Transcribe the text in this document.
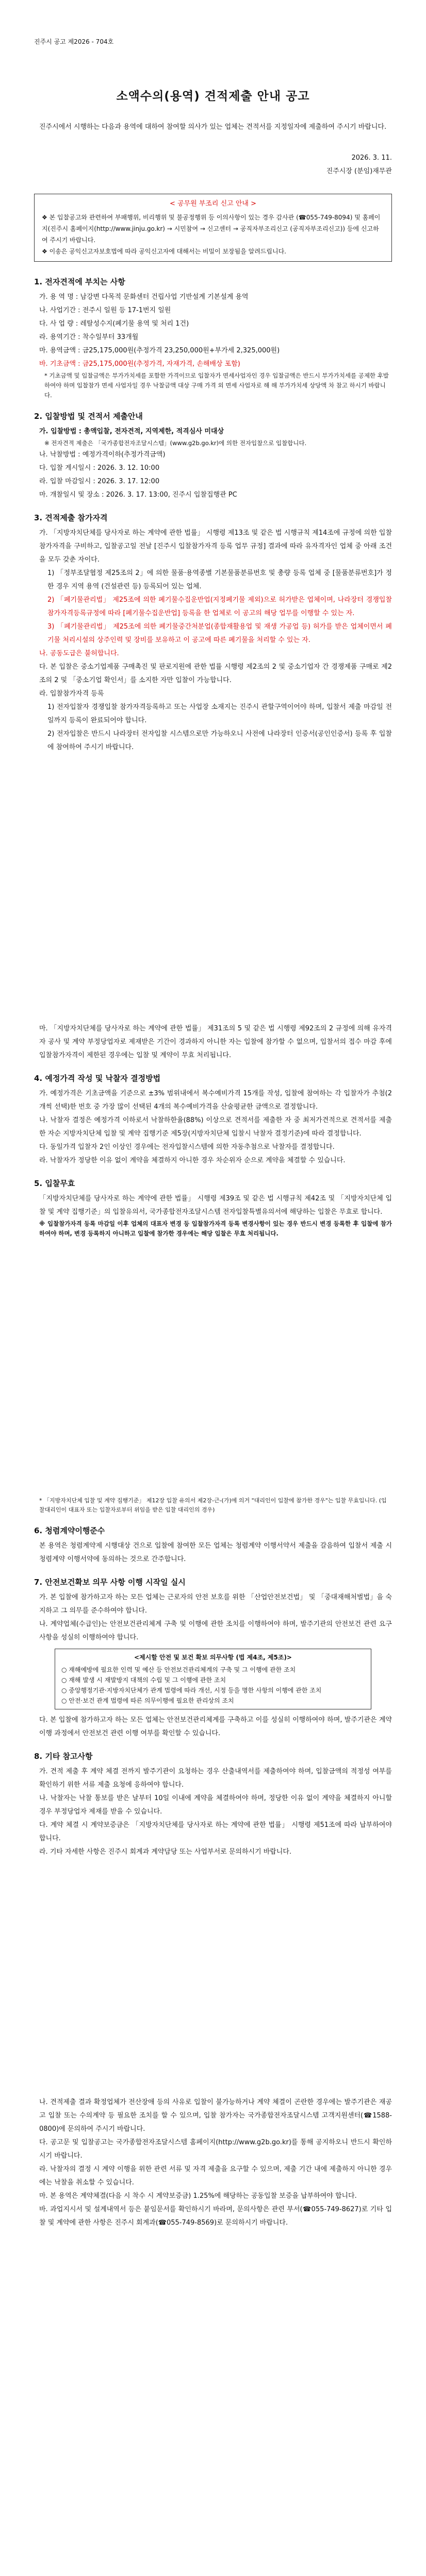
진주시 공고 제2026 - 704호
소액수의(용역) 견적제출 안내 공고
진주시에서 시행하는 다음과 용역에 대하여 참여할 의사가 있는 업체는 견적서를 지정일자에 제출하여 주시기 바랍니다.
2026. 3. 11.
진주시장 (분임)재무관
< 공무원 부조리 신고 안내 >
❖ 본 입찰공고와 관련하여 부패행위, 비리행위 및 불공정행위 등 이의사항이 있는 경우 감사관 (☎055-749-8094) 및 홈페이지(진주시 홈페이지(http://www.jinju.go.kr) → 시민참여 → 신고센터 → 공직자부조리신고 (공직자부조리신고)) 등에 신고하여 주시기 바랍니다.
❖ 이송은 공익신고자보호법에 따라 공익신고자에 대해서는 비밀이 보장됨을 알려드립니다.
1. 전자견적에 부치는 사항
가. 용 역 명 : 남강변 다목적 문화센터 건립사업 기반설계 기본설계 용역
나. 사업기간 : 전주시 일원 등 17-1번지 일원
다. 사 업 량 : 레탈성수지(폐기물 용역 및 처리 1건)
라. 용역기간 : 착수일부터 33개월
마. 용역금액 : 금25,175,000원(추정가격 23,250,000원+부가세 2,325,000원)
바. 기초금액 : 금25,175,000원(추정가격, 자재가격, 손해배상 포함)
* 기초금액 및 입찰금액은 부가가치세를 포함한 가격이므로 입찰자가 면세사업자인 경우 입찰금액은 반드시 부가가치세를 공제한 후발하여야 하며 입찰참가 면세 사업자일 경우 낙찰금액 대상 구매 가격 외 면세 사업자로 해 해 부가가치세 상당액 차 참고 하시기 바랍니다.
2. 입찰방법 및 견적서 제출안내
가. 입찰방법 : 총액입찰, 전자견적, 지역제한, 적격심사 미대상
※ 전자견적 제출은 「국가종합전자조달시스템」(www.g2b.go.kr)에 의한 전자입찰으로 입찰합니다.
나. 낙찰방법 : 예정가격이하(추정가격금액)
다. 입찰 게시일시 : 2026. 3. 12. 10:00
라. 입찰 마감일시 : 2026. 3. 17. 12:00
마. 개찰일시 및 장소 : 2026. 3. 17. 13:00, 진주시 입찰집행관 PC
3. 견적제출 참가자격
가. 「지방자치단체를 당사자로 하는 계약에 관한 법률」 시행령 제13조 및 같은 법 시행규칙 제14조에 규정에 의한 입찰 참가자격을 구비하고, 입찰공고일 전날 [진주시 입찰참가자격 등록 업무 규정] 결과에 따라 유자격자인 업체 중 아래 조건을 모두 갖춘 자이다.
1) 「정부조달협정 제25조의 2」에 의한 물품·용역종별 기본물품분류번호 및 총량 등록 업체 중 [물품분류번호]가 정한 경우 지역 용역 (건설관련 등) 등록되어 있는 업체.
2) 「폐기물관리법」 제25조에 의한 폐기물수집운반업(지정폐기물 제외)으로 허가받은 업체이며, 나라장터 경쟁입찰참가자격등록규정에 따라 [폐기물수집운반업] 등록을 한 업체로 이 공고의 해당 업무를 이행할 수 있는 자.
3) 「폐기물관리법」 제25조에 의한 폐기물중간처분업(종합재활용업 및 재생 가공업 등) 허가를 받은 업체이면서 폐기물 처리시설의 상주인력 및 장비를 보유하고 이 공고에 따른 폐기물을 처리할 수 있는 자.
나. 공동도급은 불허합니다.
다. 본 입찰은 중소기업제품 구매촉진 및 판로지원에 관한 법률 시행령 제2조의 2 및 중소기업자 간 경쟁제품 구매로 제2조의 2 및 「중소기업 확인서」를 소지한 자만 입찰이 가능합니다.
라. 입찰참가자격 등록
1) 전자입찰자 경쟁입찰 참가자격등록하고 또는 사업장 소재지는 진주시 관할구역이어야 하며, 입찰서 제출 마감일 전일까지 등록이 완료되어야 합니다.
2) 전자입찰은 반드시 나라장터 전자입찰 시스템으로만 가능하오니 사전에 나라장터 인증서(공인인증서) 등록 후 입찰에 참여하여 주시기 바랍니다.
마. 「지방자치단체를 당사자로 하는 계약에 관한 법률」 제31조의 5 및 같은 법 시행령 제92조의 2 규정에 의해 유자격자 공사 및 계약 부정당업자로 제재받은 기간이 경과하지 아니한 자는 입찰에 참가할 수 없으며, 입찰서의 접수 마감 후에 입찰참가자격이 제한된 경우에는 입찰 및 계약이 무효 처리됩니다.
4. 예정가격 작성 및 낙찰자 결정방법
가. 예정가격은 기초금액을 기준으로 ±3% 범위내에서 복수예비가격 15개를 작성, 입찰에 참여하는 각 입찰자가 추첨(2개씩 선택)한 번호 중 가장 많이 선택된 4개의 복수예비가격을 산술평균한 금액으로 결정합니다.
나. 낙찰자 결정은 예정가격 이하로서 낙찰하한율(88%) 이상으로 견적서를 제출한 자 중 최저가견적으로 견적서를 제출한 자순 지방자치단체 입찰 및 계약 집행기준 제5장(지방자치단체 입찰시 낙찰자 결정기준)에 따라 결정합니다.
다. 동일가격 입찰자 2인 이상인 경우에는 전자입찰시스템에 의한 자동추첨으로 낙찰자를 결정합니다.
라. 낙찰자가 정당한 이유 없이 계약을 체결하지 아니한 경우 차순위자 순으로 계약을 체결할 수 있습니다.
5. 입찰무효
「지방자치단체를 당사자로 하는 계약에 관한 법률」 시행령 제39조 및 같은 법 시행규칙 제42조 및 「지방자치단체 입찰 및 계약 집행기준」의 입찰유의서, 국가종합전자조달시스템 전자입찰특별유의서에 해당하는 입찰은 무효로 합니다.
※ 입찰참가자격 등록 마감일 이후 업체의 대표자 변경 등 입찰참가자격 등록 변경사항이 있는 경우 반드시 변경 등록한 후 입찰에 참가하여야 하며, 변경 등록하지 아니하고 입찰에 참가한 경우에는 해당 입찰은 무효 처리됩니다.
* 「지방자치단체 입찰 및 계약 집행기준」 제12장 입찰 유의서 제2장-근-(가)에 의거 "대리인이 입찰에 참가한 경우"는 입찰 무효입니다. (입찰대리인이 대표자 또는 입찰자로부터 위임을 받은 입찰 대리인의 경우)
6. 청렴계약이행준수
본 용역은 청렴계약제 시행대상 건으로 입찰에 참여한 모든 업체는 청렴계약 이행서약서 제출을 갈음하여 입찰서 제출 시 청렴계약 이행서약에 동의하는 것으로 간주합니다.
7. 안전보건확보 의무 사항 이행 시작일 실시
가. 본 입찰에 참가하고자 하는 모든 업체는 근로자의 안전 보호를 위한 「산업안전보건법」 및 「중대재해처벌법」을 숙지하고 그 의무를 준수하여야 합니다.
나. 계약업체(수급인)는 안전보건관리체계 구축 및 이행에 관한 조치를 이행하여야 하며, 발주기관의 안전보건 관련 요구사항을 성실히 이행하여야 합니다.
<제시할 안전 및 보건 확보 의무사항 (법 제4조, 제5조)>
○ 재해예방에 필요한 인력 및 예산 등 안전보건관리체계의 구축 및 그 이행에 관한 조치
○ 재해 발생 시 재발방지 대책의 수립 및 그 이행에 관한 조치
○ 중앙행정기관·지방자치단체가 관계 법령에 따라 개선, 시정 등을 명한 사항의 이행에 관한 조치
○ 안전·보건 관계 법령에 따른 의무이행에 필요한 관리상의 조치
다. 본 입찰에 참가하고자 하는 모든 업체는 안전보건관리체계를 구축하고 이를 성실히 이행하여야 하며, 발주기관은 계약 이행 과정에서 안전보건 관련 이행 여부를 확인할 수 있습니다.
8. 기타 참고사항
가. 견적 제출 후 계약 체결 전까지 발주기관이 요청하는 경우 산출내역서를 제출하여야 하며, 입찰금액의 적정성 여부를 확인하기 위한 서류 제출 요청에 응하여야 합니다.
나. 낙찰자는 낙찰 통보를 받은 날부터 10일 이내에 계약을 체결하여야 하며, 정당한 이유 없이 계약을 체결하지 아니할 경우 부정당업자 제재를 받을 수 있습니다.
다. 계약 체결 시 계약보증금은 「지방자치단체를 당사자로 하는 계약에 관한 법률」 시행령 제51조에 따라 납부하여야 합니다.
라. 기타 자세한 사항은 진주시 회계과 계약담당 또는 사업부서로 문의하시기 바랍니다.
나. 견적제출 결과 확정업체가 전산장애 등의 사유로 입찰이 불가능하거나 계약 체결이 곤란한 경우에는 발주기관은 재공고 입찰 또는 수의계약 등 필요한 조치를 할 수 있으며, 입찰 참가자는 국가종합전자조달시스템 고객지원센터(☎1588-0800)에 문의하여 주시기 바랍니다.
다. 공고문 및 입찰공고는 국가종합전자조달시스템 홈페이지(http://www.g2b.go.kr)를 통해 공지하오니 반드시 확인하시기 바랍니다.
라. 낙찰자의 결정 시 계약 이행을 위한 관련 서류 및 자격 제출을 요구할 수 있으며, 제출 기간 내에 제출하지 아니한 경우에는 낙찰을 취소할 수 있습니다.
마. 본 용역은 계약체결(다음 시 착수 시 계약보증금) 1.25%에 해당하는 공동입찰 보증을 납부하여야 합니다.
바. 과업지시서 및 설계내역서 등은 붙임문서를 확인하시기 바라며, 문의사항은 관련 부서(☎055-749-8627)로 기타 입찰 및 계약에 관한 사항은 진주시 회계과(☎055-749-8569)로 문의하시기 바랍니다.
